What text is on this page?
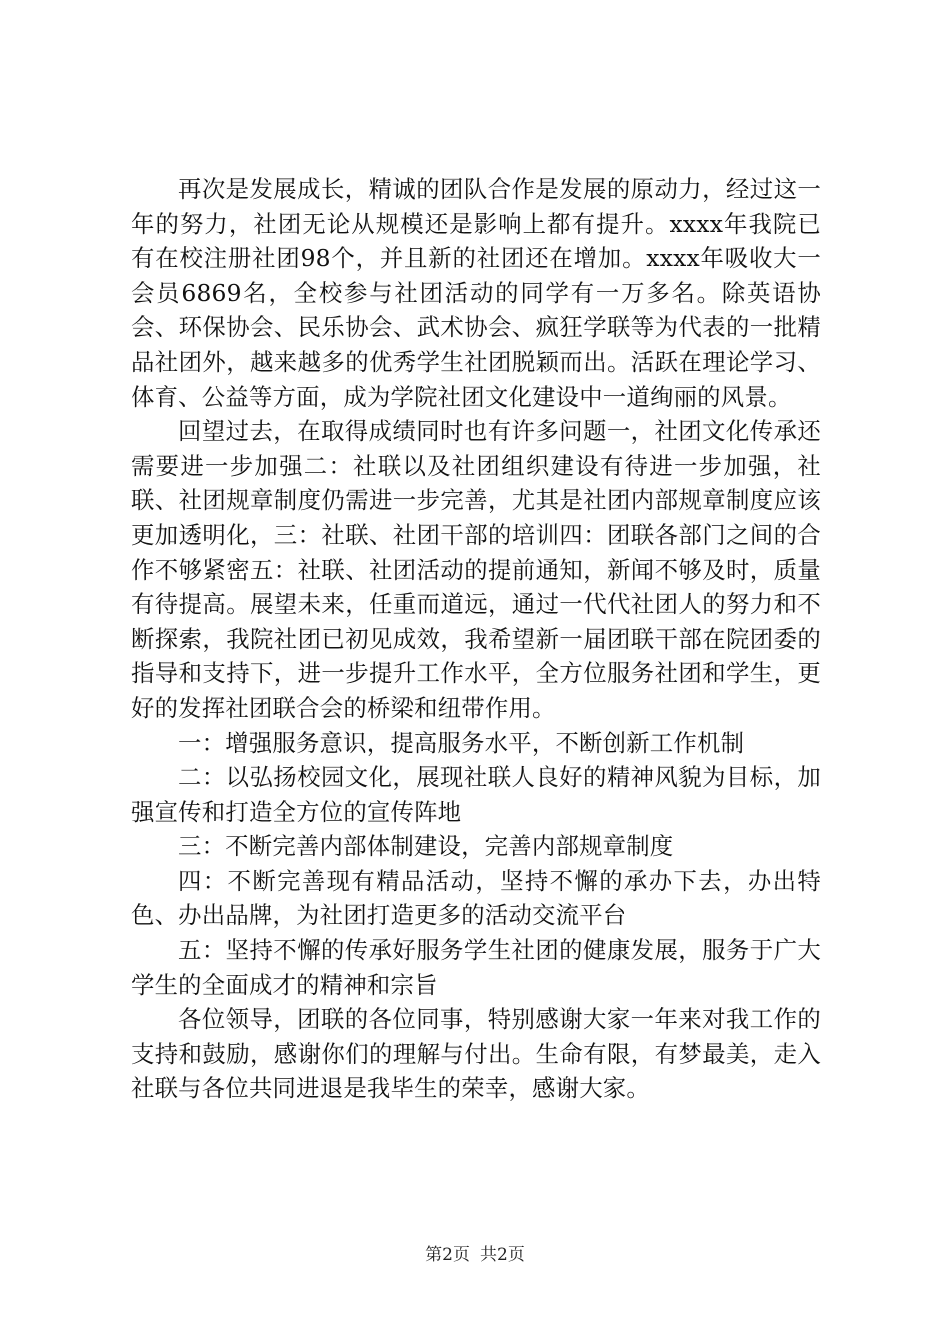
再次是发展成长，精诚的团队合作是发展的原动力，经过这一年的努力，社团无论从规模还是影响上都有提升。xxxx年我院已有在校注册社团98个，并且新的社团还在增加。xxxx年吸收大一会员6869名，全校参与社团活动的同学有一万多名。除英语协会、环保协会、民乐协会、武术协会、疯狂学联等为代表的一批精品社团外，越来越多的优秀学生社团脱颖而出。活跃在理论学习、体育、公益等方面，成为学院社团文化建设中一道绚丽的风景。

回望过去，在取得成绩同时也有许多问题一，社团文化传承还需要进一步加强二：社联以及社团组织建设有待进一步加强，社联、社团规章制度仍需进一步完善，尤其是社团内部规章制度应该更加透明化，三：社联、社团干部的培训四：团联各部门之间的合作不够紧密五：社联、社团活动的提前通知，新闻不够及时，质量有待提高。展望未来，任重而道远，通过一代代社团人的努力和不断探索，我院社团已初见成效，我希望新一届团联干部在院团委的指导和支持下，进一步提升工作水平，全方位服务社团和学生，更好的发挥社团联合会的桥梁和纽带作用。

一：增强服务意识，提高服务水平，不断创新工作机制

二：以弘扬校园文化，展现社联人良好的精神风貌为目标，加强宣传和打造全方位的宣传阵地

三：不断完善内部体制建设，完善内部规章制度

四：不断完善现有精品活动，坚持不懈的承办下去，办出特色、办出品牌，为社团打造更多的活动交流平台

五：坚持不懈的传承好服务学生社团的健康发展，服务于广大学生的全面成才的精神和宗旨

各位领导，团联的各位同事，特别感谢大家一年来对我工作的支持和鼓励，感谢你们的理解与付出。生命有限，有梦最美，走入社联与各位共同进退是我毕生的荣幸，感谢大家。

第2页 共2页
